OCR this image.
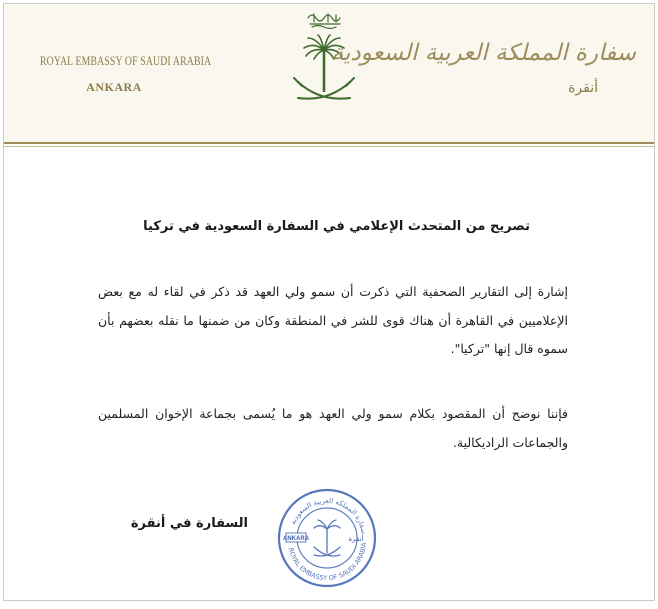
ROYAL EMBASSY OF SAUDI ARABIA
ANKARA
سفارة المملكة العربية السعودية
أنقرة
تصريح من المتحدث الإعلامي في السفارة السعودية في تركيا
إشارة إلى التقارير الصحفية التي ذكرت أن سمو ولي العهد قد ذكر في لقاء له مع بعض الإعلاميين في القاهرة أن هناك قوى للشر في المنطقة وكان من ضمنها ما نقله بعضهم بأن سموه قال إنها "تركيا".
فإننا نوضح أن المقصود بكلام سمو ولي العهد هو ما يُسمى بجماعة الإخوان المسلمين والجماعات الراديكالية.
السفارة في أنقرة
ROYAL EMBASSY OF SAUDI ARABIA
سفارة المملكة العربية السعودية
ANKARA	أنقرة
